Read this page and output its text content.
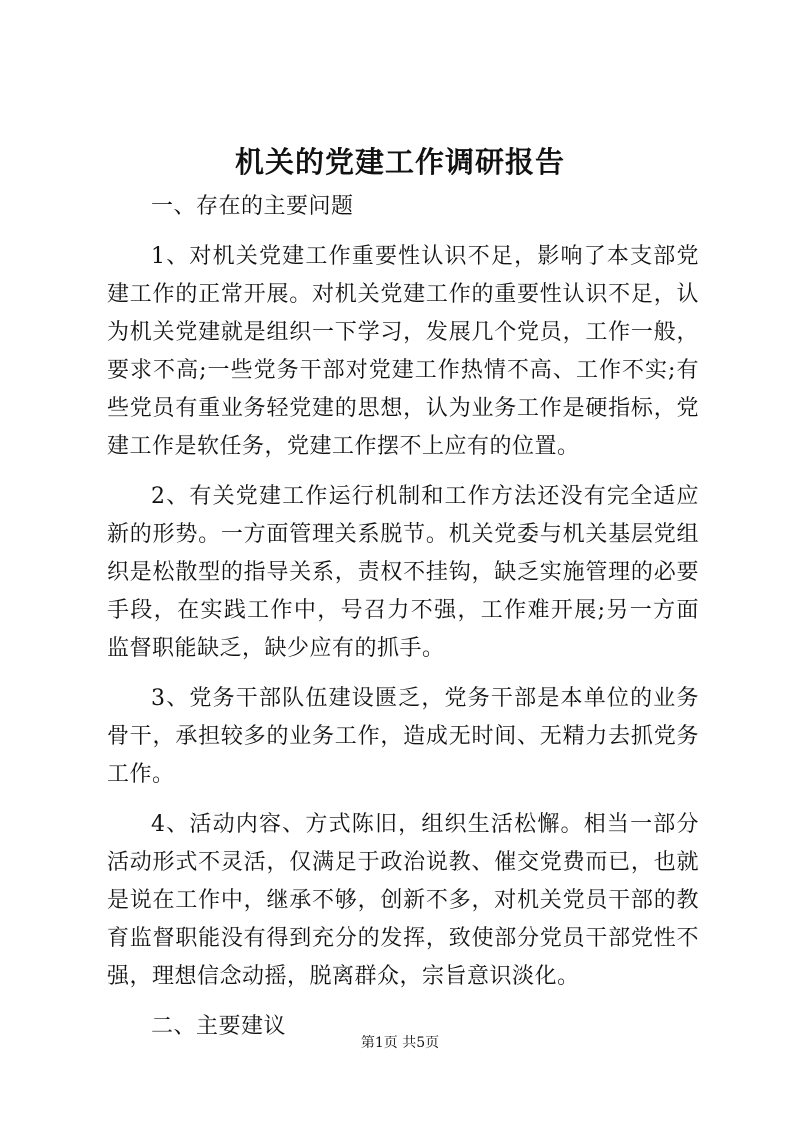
机关的党建工作调研报告

一、存在的主要问题

1、对机关党建工作重要性认识不足，影响了本支部党建工作的正常开展。对机关党建工作的重要性认识不足，认为机关党建就是组织一下学习，发展几个党员，工作一般，要求不高;一些党务干部对党建工作热情不高、工作不实;有些党员有重业务轻党建的思想，认为业务工作是硬指标，党建工作是软任务，党建工作摆不上应有的位置。

2、有关党建工作运行机制和工作方法还没有完全适应新的形势。一方面管理关系脱节。机关党委与机关基层党组织是松散型的指导关系，责权不挂钩，缺乏实施管理的必要手段，在实践工作中，号召力不强，工作难开展;另一方面监督职能缺乏，缺少应有的抓手。

3、党务干部队伍建设匮乏，党务干部是本单位的业务骨干，承担较多的业务工作，造成无时间、无精力去抓党务工作。

4、活动内容、方式陈旧，组织生活松懈。相当一部分活动形式不灵活，仅满足于政治说教、催交党费而已，也就是说在工作中，继承不够，创新不多，对机关党员干部的教育监督职能没有得到充分的发挥，致使部分党员干部党性不强，理想信念动摇，脱离群众，宗旨意识淡化。

二、主要建议

第1页 共5页
